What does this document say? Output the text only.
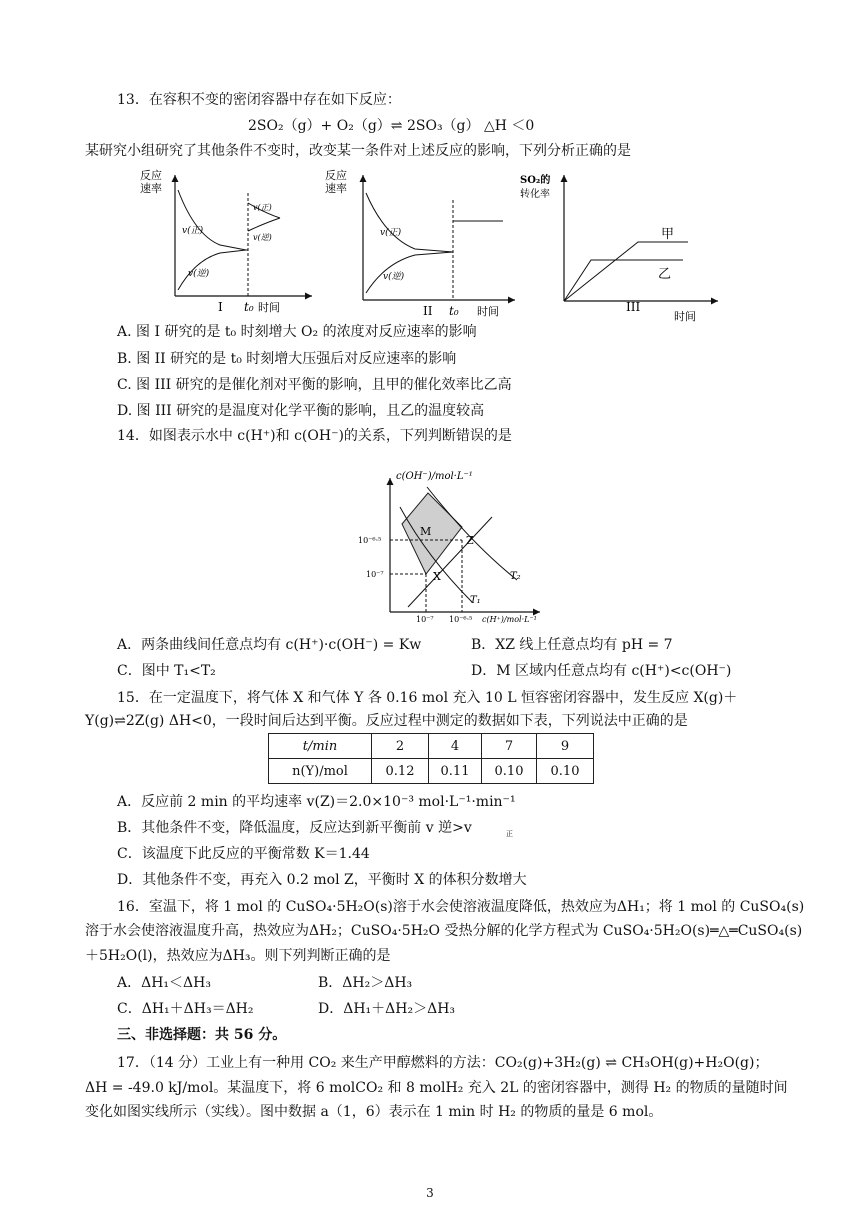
13．在容积不变的密闭容器中存在如下反应：
2SO₂（g）+ O₂（g）⇌ 2SO₃（g） △H ＜0
某研究小组研究了其他条件不变时，改变某一条件对上述反应的影响，下列分析正确的是
反应
速率
v(正)
v(逆)
v(正)
v(逆)
I t₀ 时间
反应
速率
v(正)
v(逆)
II t₀ 时间
SO₂的
转化率
甲
乙
III
时间
A. 图 I 研究的是 t₀ 时刻增大 O₂ 的浓度对反应速率的影响
B. 图 II 研究的是 t₀ 时刻增大压强后对反应速率的影响
C. 图 III 研究的是催化剂对平衡的影响，且甲的催化效率比乙高
D. 图 III 研究的是温度对化学平衡的影响，且乙的温度较高
14．如图表示水中 c(H⁺)和 c(OH⁻)的关系，下列判断错误的是
c(OH⁻)/mol·L⁻¹
M
Z
X
T₁
T₂
10⁻⁶·⁵
10⁻⁷
10⁻⁷ 10⁻⁶·⁵ c(H⁺)/mol·L⁻¹
A．两条曲线间任意点均有 c(H⁺)·c(OH⁻) = Kw	B．XZ 线上任意点均有 pH = 7
C．图中 T₁<T₂	D．M 区域内任意点均有 c(H⁺)<c(OH⁻)
15．在一定温度下，将气体 X 和气体 Y 各 0.16 mol 充入 10 L 恒容密闭容器中，发生反应 X(g)＋
Y(g)⇌2Z(g) ΔH<0，一段时间后达到平衡。反应过程中测定的数据如下表，下列说法中正确的是
t/min	2	4	7	9
n(Y)/mol	0.12	0.11	0.10	0.10
A．反应前 2 min 的平均速率 v(Z)＝2.0×10⁻³ mol·L⁻¹·min⁻¹
B．其他条件不变，降低温度，反应达到新平衡前 v 逆>v	正
C．该温度下此反应的平衡常数 K＝1.44
D．其他条件不变，再充入 0.2 mol Z，平衡时 X 的体积分数增大
16．室温下，将 1 mol 的 CuSO₄·5H₂O(s)溶于水会使溶液温度降低，热效应为ΔH₁；将 1 mol 的 CuSO₄(s)
溶于水会使溶液温度升高，热效应为ΔH₂；CuSO₄·5H₂O 受热分解的化学方程式为 CuSO₄·5H₂O(s)═△═CuSO₄(s)
＋5H₂O(l)，热效应为ΔH₃。则下列判断正确的是
A．ΔH₁＜ΔH₃	B．ΔH₂＞ΔH₃
C．ΔH₁＋ΔH₃＝ΔH₂	D．ΔH₁＋ΔH₂＞ΔH₃
三、非选择题：共 56 分。
17．（14 分）工业上有一种用 CO₂ 来生产甲醇燃料的方法：CO₂(g)+3H₂(g) ⇌ CH₃OH(g)+H₂O(g)；
ΔH = -49.0 kJ/mol。某温度下，将 6 molCO₂ 和 8 molH₂ 充入 2L 的密闭容器中，测得 H₂ 的物质的量随时间
变化如图实线所示（实线）。图中数据 a（1，6）表示在 1 min 时 H₂ 的物质的量是 6 mol。
3
